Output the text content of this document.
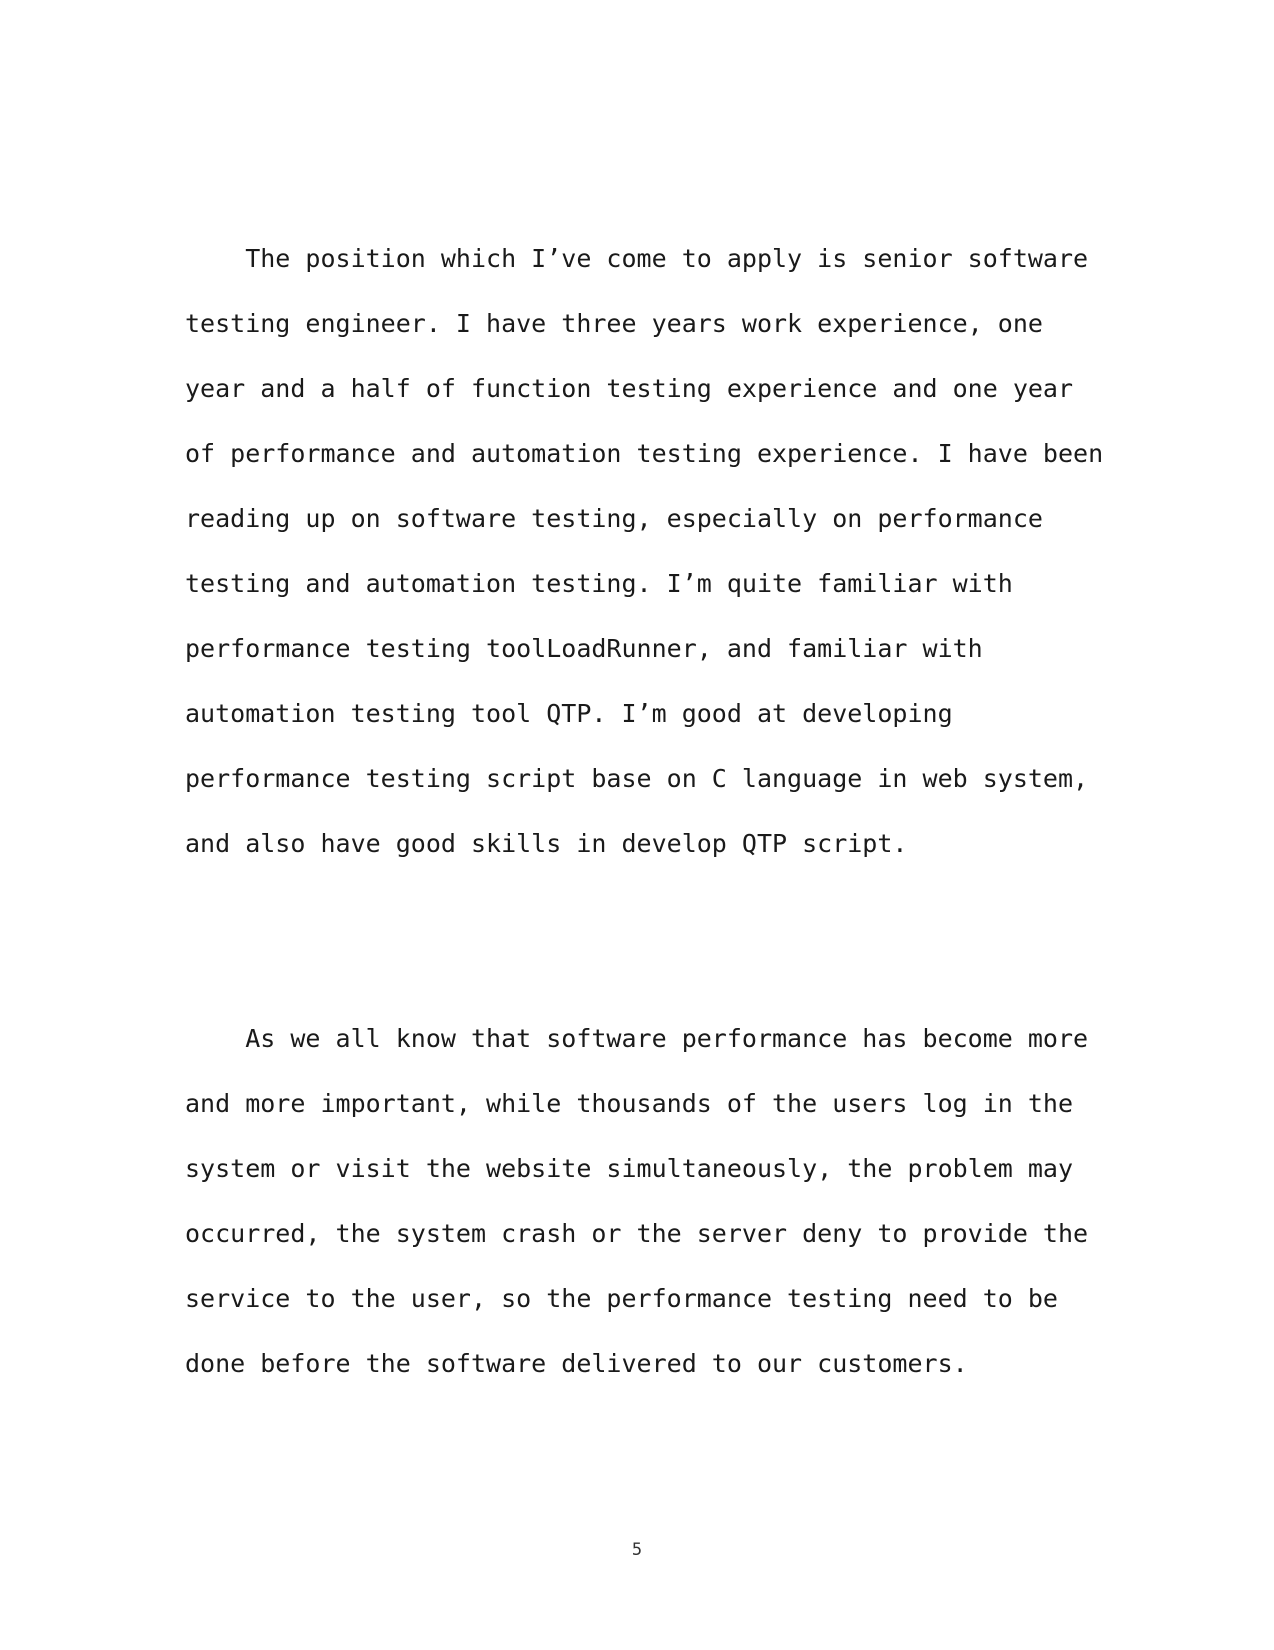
The position which I’ve come to apply is senior software
testing engineer. I have three years work experience, one
year and a half of function testing experience and one year
of performance and automation testing experience. I have been
reading up on software testing, especially on performance
testing and automation testing. I’m quite familiar with
performance testing toolLoadRunner, and familiar with
automation testing tool QTP. I’m good at developing
performance testing script base on C language in web system,
and also have good skills in develop QTP script.
As we all know that software performance has become more
and more important, while thousands of the users log in the
system or visit the website simultaneously, the problem may
occurred, the system crash or the server deny to provide the
service to the user, so the performance testing need to be
done before the software delivered to our customers.
5
